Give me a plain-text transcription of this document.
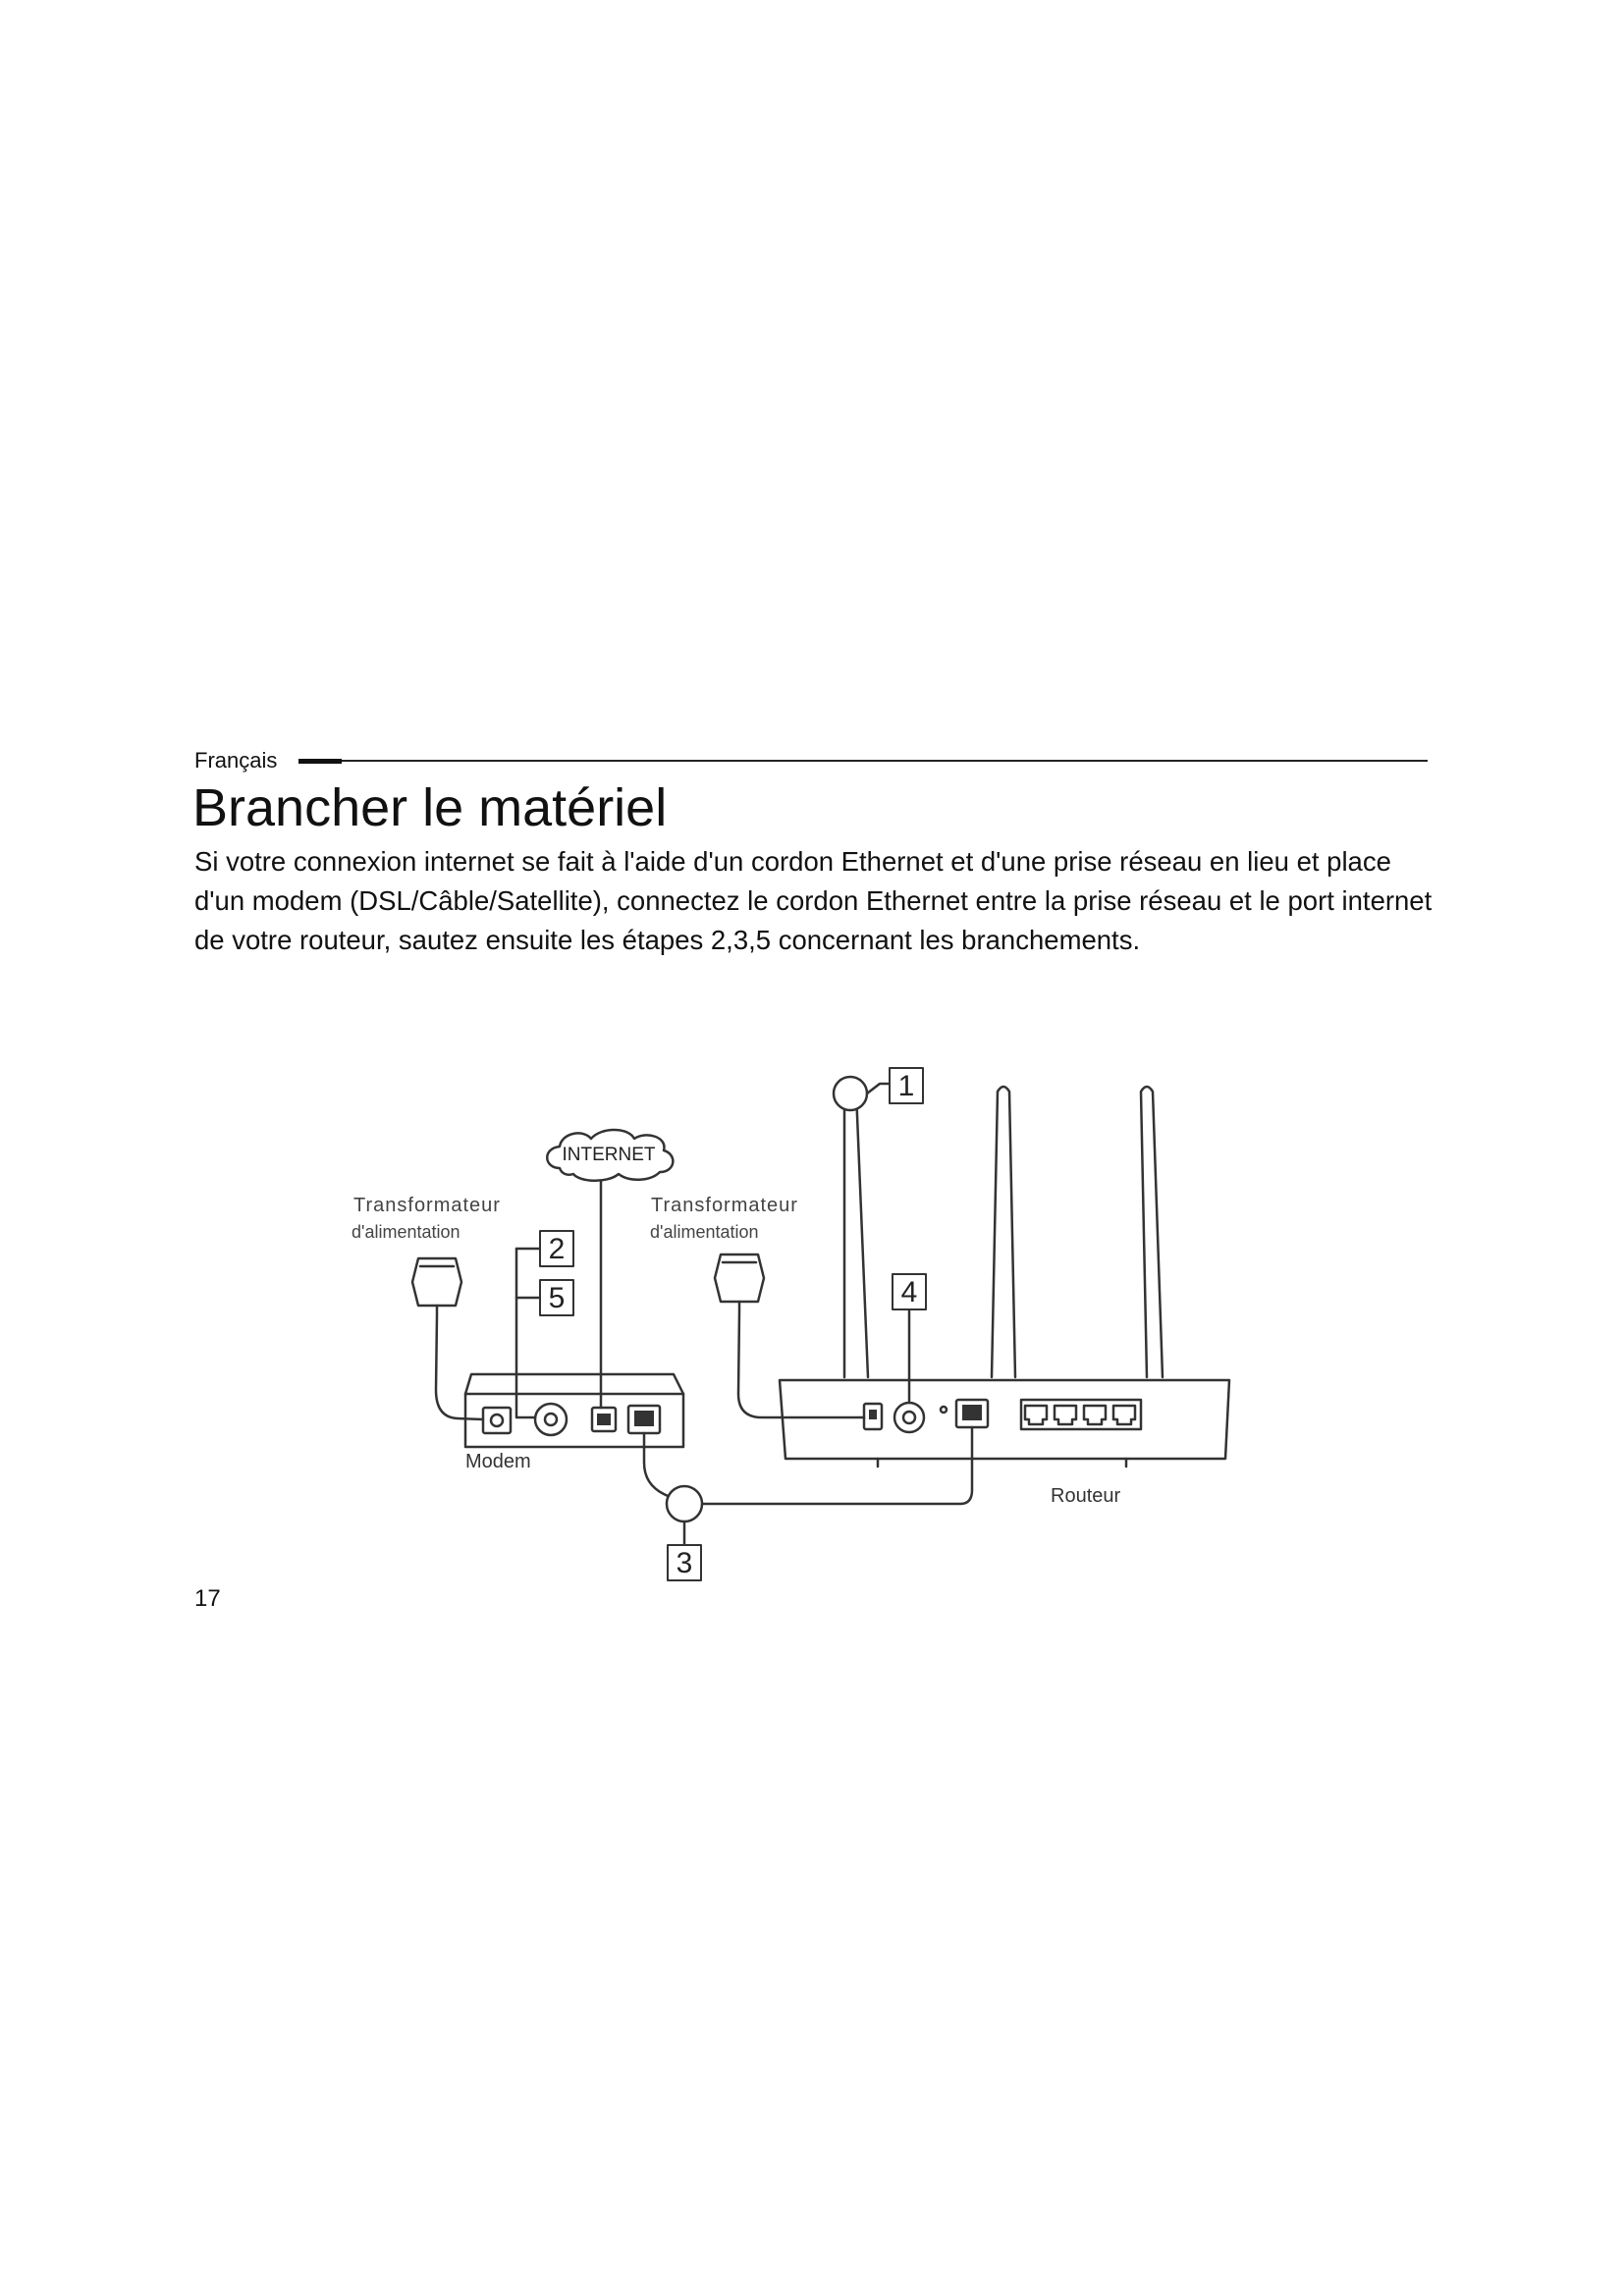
Français
Brancher le matériel

Si votre connexion internet se fait à l'aide d'un cordon Ethernet et d'une prise réseau en lieu et place d'un modem (DSL/Câble/Satellite), connectez le cordon Ethernet entre la prise réseau et le port internet de votre routeur, sautez ensuite les étapes 2,3,5 concernant les branchements.

INTERNET
Routeur
Modem
1
2
3
4
5
Transformateur
d'alimentation
Transformateur
d'alimentation
17
